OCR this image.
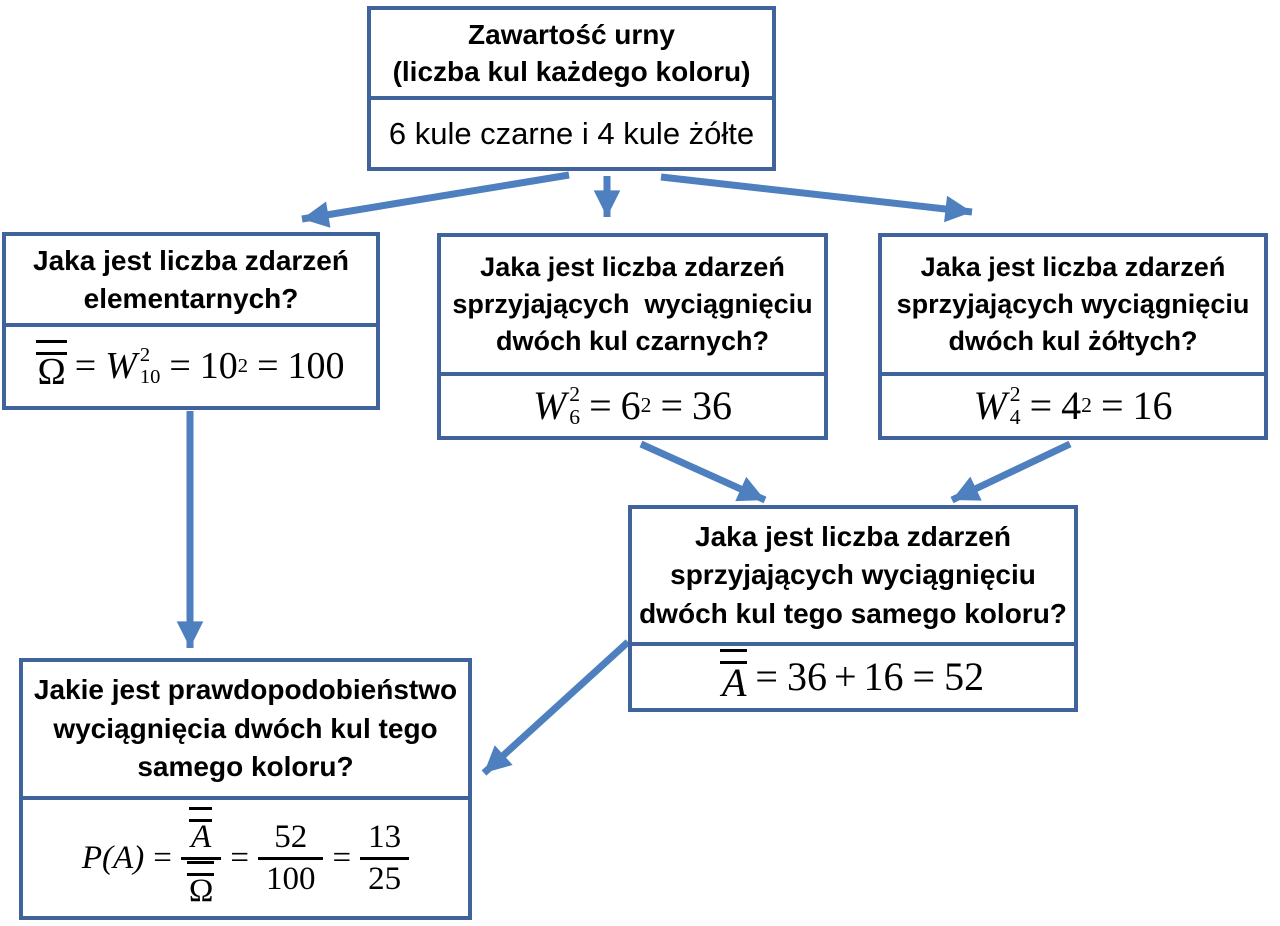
Zawartość urny
(liczba kul każdego koloru)
6 kule czarne i 4 kule żółte
Jaka jest liczba zdarzeń
elementarnych?
Ω = W 2
10 = 10 2 = 100
Jaka jest liczba zdarzeń
sprzyjających  wyciągnięciu
dwóch kul czarnych?
W 2
6 = 6 2 = 36
Jaka jest liczba zdarzeń
sprzyjających wyciągnięciu
dwóch kul żółtych?
W 2
4 = 4 2 = 16
Jaka jest liczba zdarzeń
sprzyjających wyciągnięciu
dwóch kul tego samego koloru?
A = 36 + 16 = 52
Jakie jest prawdopodobieństwo
wyciągnięcia dwóch kul tego
samego koloru?
$P(A) = \frac{A}{\Omega} = \frac{52}{100} = \frac{13}{25}$
